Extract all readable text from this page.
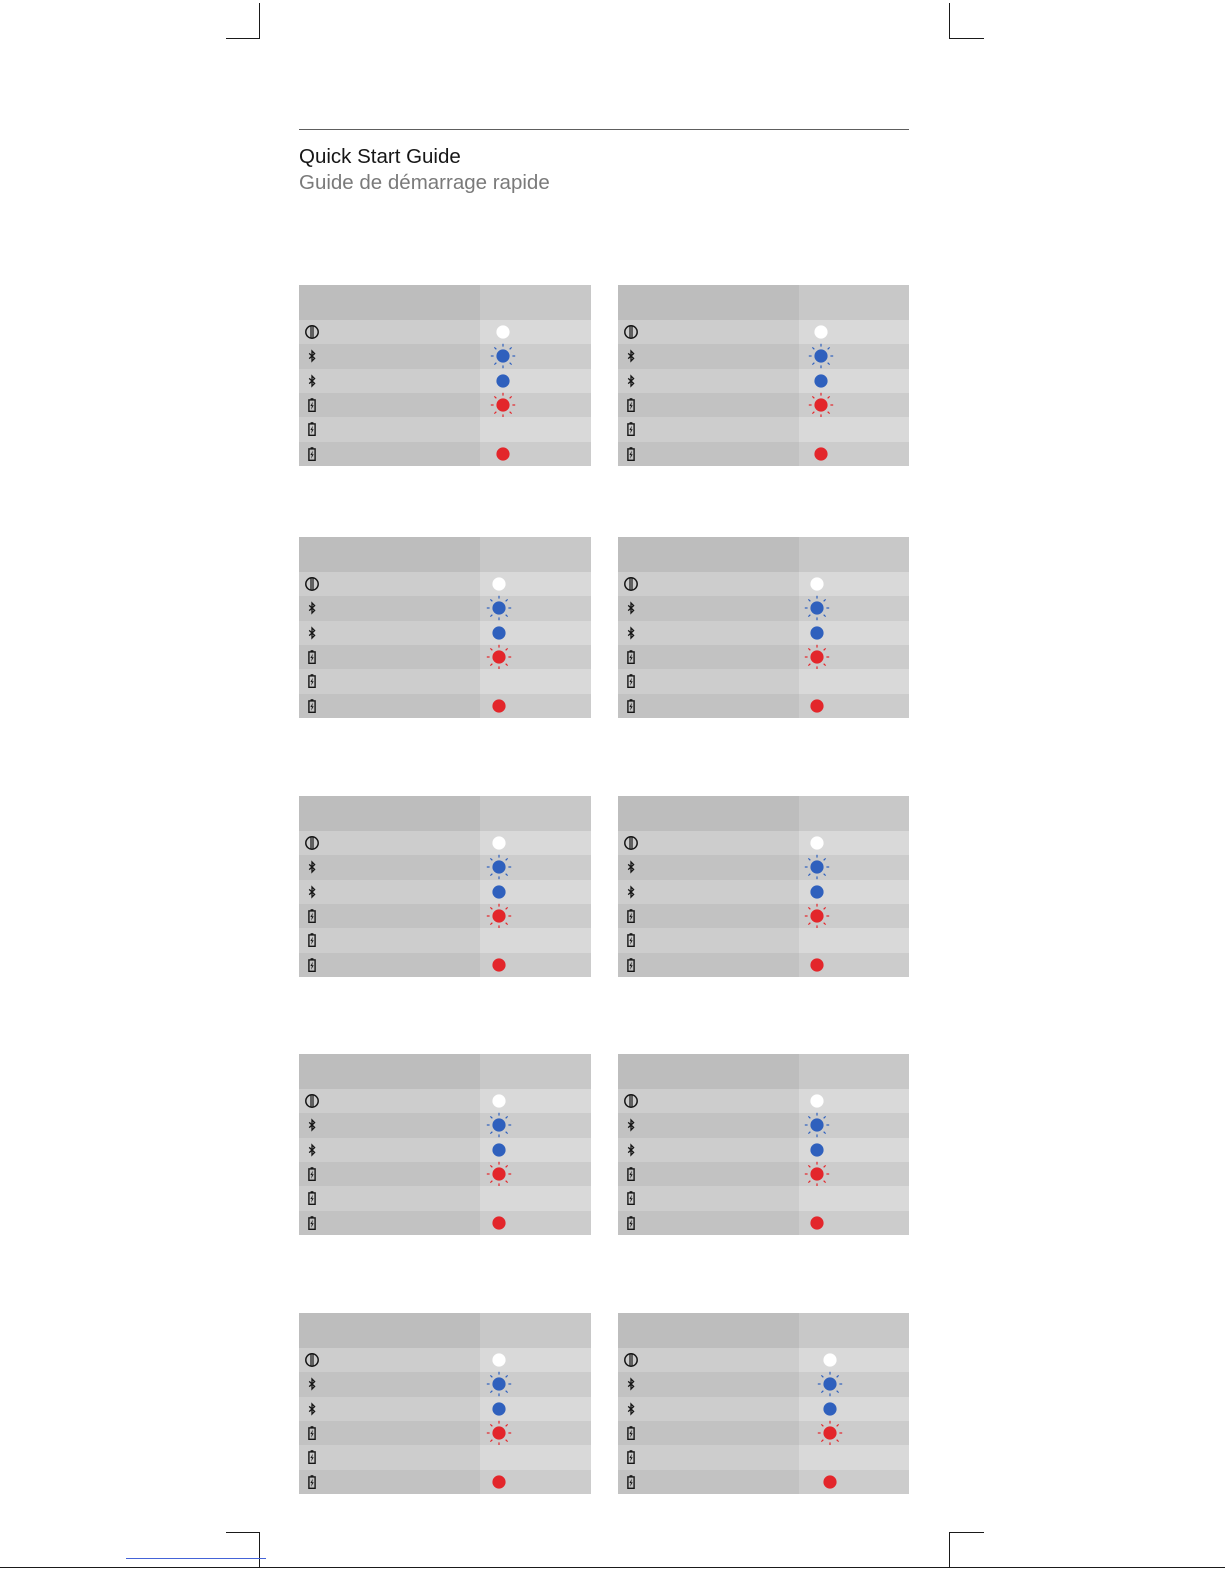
Quick Start Guide
Guide de démarrage rapide
